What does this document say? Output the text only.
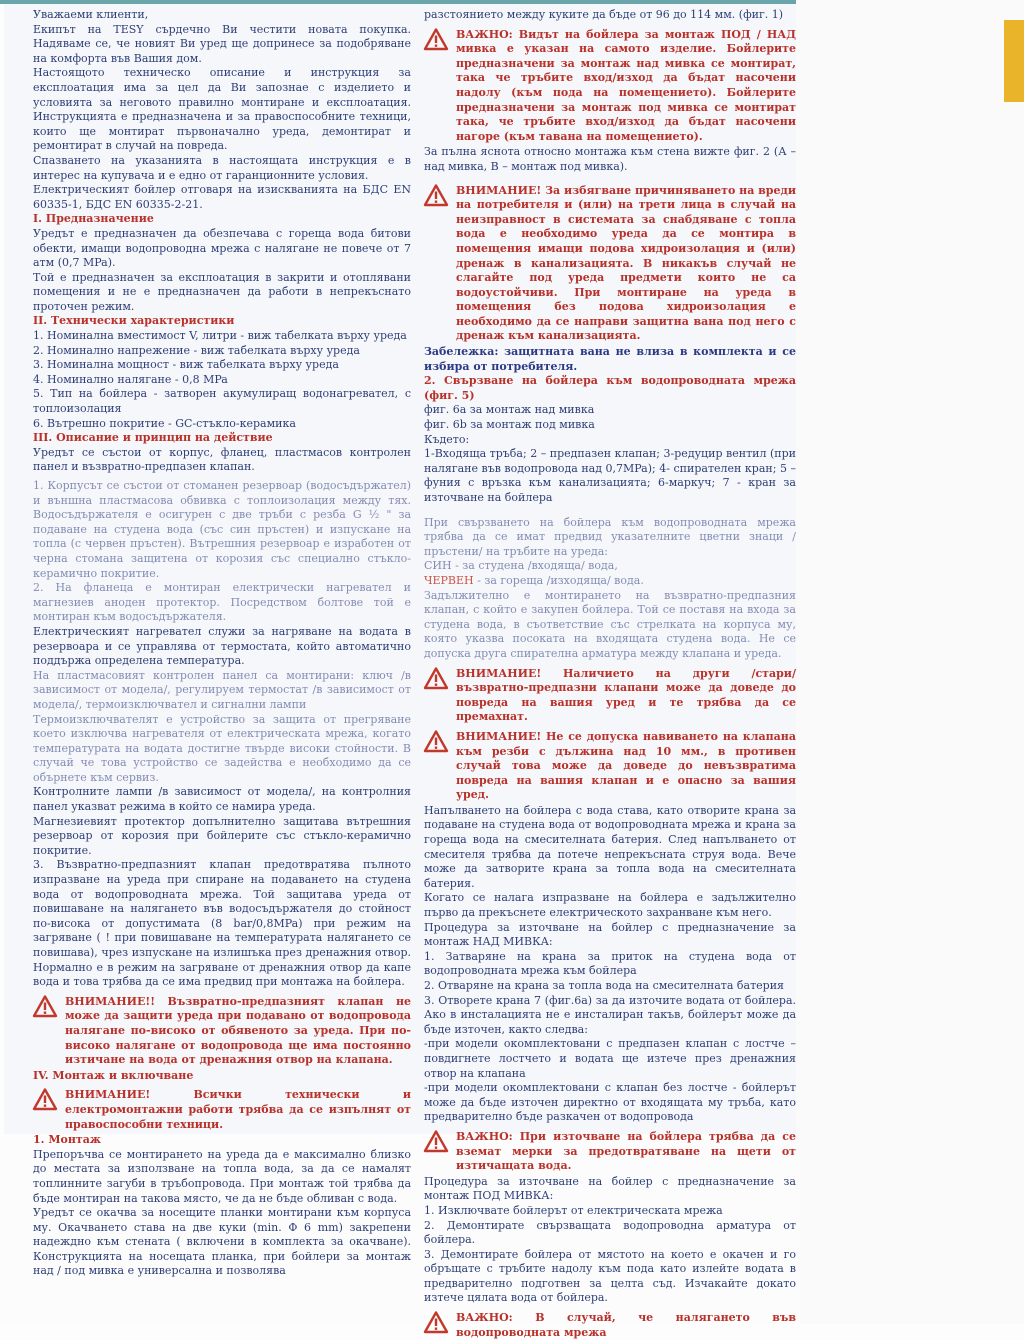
Уважаеми клиенти,

Екипът на TESY сърдечно Ви честити новата покупка. Надяваме се, че новият Ви уред ще допринесе за подобряване на комфорта във Вашия дом.

Настоящото техническо описание и инструкция за експлоатация има за цел да Ви запознае с изделието и условията за неговото правилно монтиране и експлоатация. Инструкцията е предназначена и за правоспособните техници, които ще монтират първоначално уреда, демонтират и ремонтират в случай на повреда.

Спазването на указанията в настоящата инструкция е в интерес на купувача и е едно от гаранционните условия.

Електрическият бойлер отговаря на изискванията на БДС EN 60335-1, БДС EN 60335-2-21.

I. Предназначение

Уредът е предназначен да обезпечава с гореща вода битови обекти, имащи водопроводна мрежа с налягане не повече от 7 атм (0,7 MPa).

Той е предназначен за експлоатация в закрити и отоплявани помещения и не е предназначен да работи в непрекъснато проточен режим.

II. Технически характеристики

1. Номинална вместимост V, литри - виж табелката върху уреда

2. Номинално напрежение - виж табелката върху уреда

3. Номинална мощност - виж табелката върху уреда

4. Номинално налягане - 0,8 MPa

5. Тип на бойлера - затворен акумулиращ водонагревател, с топлоизолация

6. Вътрешно покритие - GC-стъкло-керамика

III. Описание и принцип на действие

Уредът се състои от корпус, фланец, пластмасов контролен панел и възвратно-предпазен клапан.

1. Корпусът се състои от стоманен резервоар (водосъдържател) и външна пластмасова обвивка с топлоизолация между тях. Водосъдържателя е осигурен с две тръби с резба G ½ " за подаване на студена вода (със син пръстен) и изпускане на топла (с червен пръстен). Вътрешния резервоар е изработен от черна стомана защитена от корозия със специално стъкло-керамично покритие.

2. На фланеца е монтиран електрически нагревател и магнезиев аноден протектор. Посредством болтове той е монтиран към водосъдържателя.

Електрическият нагревател служи за нагряване на водата в резервоара и се управлява от термостата, който автоматично поддържа определена температура.

На пластмасовият контролен панел са монтирани: ключ /в зависимост от модела/, регулируем термостат /в зависимост от модела/, термоизключвател и сигнални лампи

Термоизключвателят е устройство за защита от прегряване което изключва нагревателя от електрическата мрежа, когато температурата на водата достигне твърде високи стойности. В случай че това устройство се задейства е необходимо да се обърнете към сервиз.

Контролните лампи /в зависимост от модела/, на контролния панел указват режима в който се намира уреда.

Магнезиевият протектор допълнително защитава вътрешния резервоар от корозия при бойлерите със стъкло-керамично покритие.

3. Възвратно-предпазният клапан предотвратява пълното изпразване на уреда при спиране на подаването на студена вода от водопроводната мрежа. Той защитава уреда от повишаване на налягането във водосъдържателя до стойност по-висока от допустимата (8 bar/0,8MPa) при режим на загряване ( ! при повишаване на температурата налягането се повишава), чрез изпускане на излишъка през дренажния отвор. Нормално е в режим на загряване от дренажния отвор да капе вода и това трябва да се има предвид при монтажа на бойлера.

ВНИМАНИЕ!! Възвратно-предпазният клапан не може да защити уреда при подавано от водопровода налягане по-високо от обявеното за уреда. При по-високо налягане от водопровода ще има постоянно изтичане на вода от дренажния отвор на клапана.

IV. Монтаж и включване

ВНИМАНИЕ! Всички технически и електромонтажни работи трябва да се изпълнят от правоспособни техници.

1. Монтаж

Препоръчва се монтирането на уреда да е максимално близко до местата за използване на топла вода, за да се намалят топлинните загуби в тръбопровода. При монтаж той трябва да бъде монтиран на такова място, че да не бъде обливан с вода.

Уредът се окачва за носещите планки монтирани към корпуса му. Окачването става на две куки (min. Φ 6 mm) закрепени надеждно към стената ( включени в комплекта за окачване). Конструкцията на носещата планка, при бойлери за монтаж над / под мивка е универсална и позволява

разстоянието между куките да бъде от 96 до 114 мм. (фиг. 1)

ВАЖНО: Видът на бойлера за монтаж ПОД / НАД мивка е указан на самото изделие. Бойлерите предназначени за монтаж над мивка се монтират, така че тръбите вход/изход да бъдат насочени надолу (към пода на помещението). Бойлерите предназначени за монтаж под мивка се монтират така, че тръбите вход/изход да бъдат насочени нагоре (към тавана на помещението).

За пълна яснота относно монтажа към стена вижте фиг. 2 (А – над мивка, В – монтаж под мивка).

ВНИМАНИЕ! За избягване причиняването на вреди на потребителя и (или) на трети лица в случай на неизправност в системата за снабдяване с топла вода е необходимо уреда да се монтира в помещения имащи подова хидроизолация и (или) дренаж в канализацията. В никакъв случай не слагайте под уреда предмети които не са водоустойчиви. При монтиране на уреда в помещения без подова хидроизолация е необходимо да се направи защитна вана под него с дренаж към канализацията.

Забележка: защитната вана не влиза в комплекта и се избира от потребителя.

2. Свързване на бойлера към водопроводната мрежа (фиг. 5)

фиг. 6а за монтаж над мивка

фиг. 6b за монтаж под мивка

Където:

1-Входяща тръба; 2 – предпазен клапан; 3-редуцир вентил (при налягане във водопровода над 0,7MPa); 4- спирателен кран; 5 – фуния с връзка към канализацията; 6-маркуч; 7 - кран за източване на бойлера

При свързването на бойлера към водопроводната мрежа трябва да се имат предвид указателните цветни знаци /пръстени/ на тръбите на уреда:

СИН - за студена /входяща/ вода,

ЧЕРВЕН - за гореща /изходяща/ вода.

Задължително е монтирането на възвратно-предпазния клапан, с който е закупен бойлера. Той се поставя на входа за студена вода, в съответствие със стрелката на корпуса му, която указва посоката на входящата студена вода. Не се допуска друга спирателна арматура между клапана и уреда.

ВНИМАНИЕ! Наличието на други /стари/ възвратно-предпазни клапани може да доведе до повреда на вашия уред и те трябва да се премахнат.
ВНИМАНИЕ! Не се допуска навиването на клапана към резби с дължина над 10 мм., в противен случай това може да доведе до невъзвратима повреда на вашия клапан и е опасно за вашия уред.

Напълването на бойлера с вода става, като отворите крана за подаване на студена вода от водопроводната мрежа и крана за гореща вода на смесителната батерия. След напълването от смесителя трябва да потече непрекъсната струя вода. Вече може да затворите крана за топла вода на смесителната батерия.

Когато се налага изпразване на бойлера е задължително първо да прекъснете електрическото захранване към него.

Процедура за източване на бойлер с предназначение за монтаж НАД МИВКА:

1. Затваряне на крана за приток на студена вода от водопроводната мрежа към бойлера

2. Отваряне на крана за топла вода на смесителната батерия

3. Отворете крана 7 (фиг.6а) за да източите водата от бойлера. Ако в инсталацията не е инсталиран такъв, бойлерът може да бъде източен, както следва:

-при модели окомплектовани с предпазен клапан с лостче – повдигнете лостчето и водата ще изтече през дренажния отвор на клапана

-при модели окомплектовани с клапан без лостче - бойлерът може да бъде източен директно от входящата му тръба, като предварително бъде разкачен от водопровода

ВАЖНО: При източване на бойлера трябва да се вземат мерки за предотвратяване на щети от изтичащата вода.

Процедура за източване на бойлер с предназначение за монтаж ПОД МИВКА:

1. Изключвате бойлерът от електрическата мрежа

2. Демонтирате свързващата водопроводна арматура от бойлера.

3. Демонтирате бойлера от мястото на което е окачен и го обръщате с тръбите надолу към пода като излейте водата в предварително подготвен за целта съд. Изчакайте докато изтече цялата вода от бойлера.

ВАЖНО: В случай, че налягането във водопроводната мрежа
